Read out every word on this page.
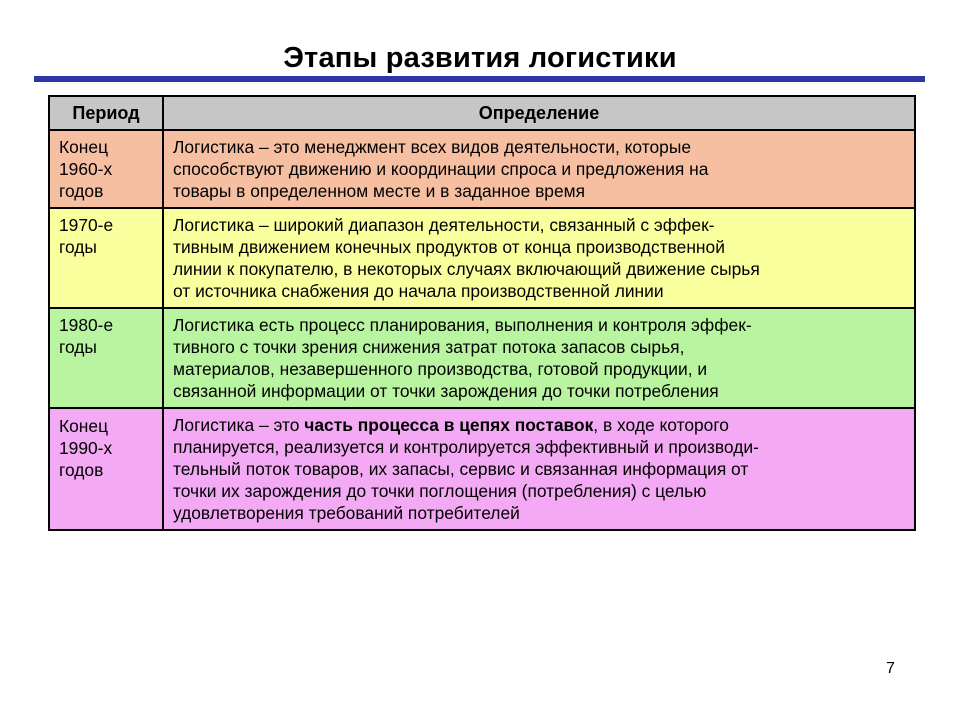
Этапы развития логистики
Период	Определение

Конец 1960-х годов	Логистика – это менеджмент всех видов деятельности, которые
способствуют движению и координации спроса и предложения на
товары в определенном месте и в заданное время

1970-е годы	Логистика – широкий диапазон деятельности, связанный с эффек-
тивным движением конечных продуктов от конца производственной
линии к покупателю, в некоторых случаях включающий движение сырья
от источника снабжения до начала производственной линии

1980-е годы	Логистика есть процесс планирования, выполнения и контроля эффек-
тивного с точки зрения снижения затрат потока запасов сырья,
материалов, незавершенного производства, готовой продукции, и
связанной информации от точки зарождения до точки потребления

Конец 1990-х годов	Логистика – это часть процесса в цепях поставок, в ходе которого
планируется, реализуется и контролируется эффективный и производи-
тельный поток товаров, их запасы, сервис и связанная информация от
точки их зарождения до точки поглощения (потребления) с целью
удовлетворения требований потребителей
7
